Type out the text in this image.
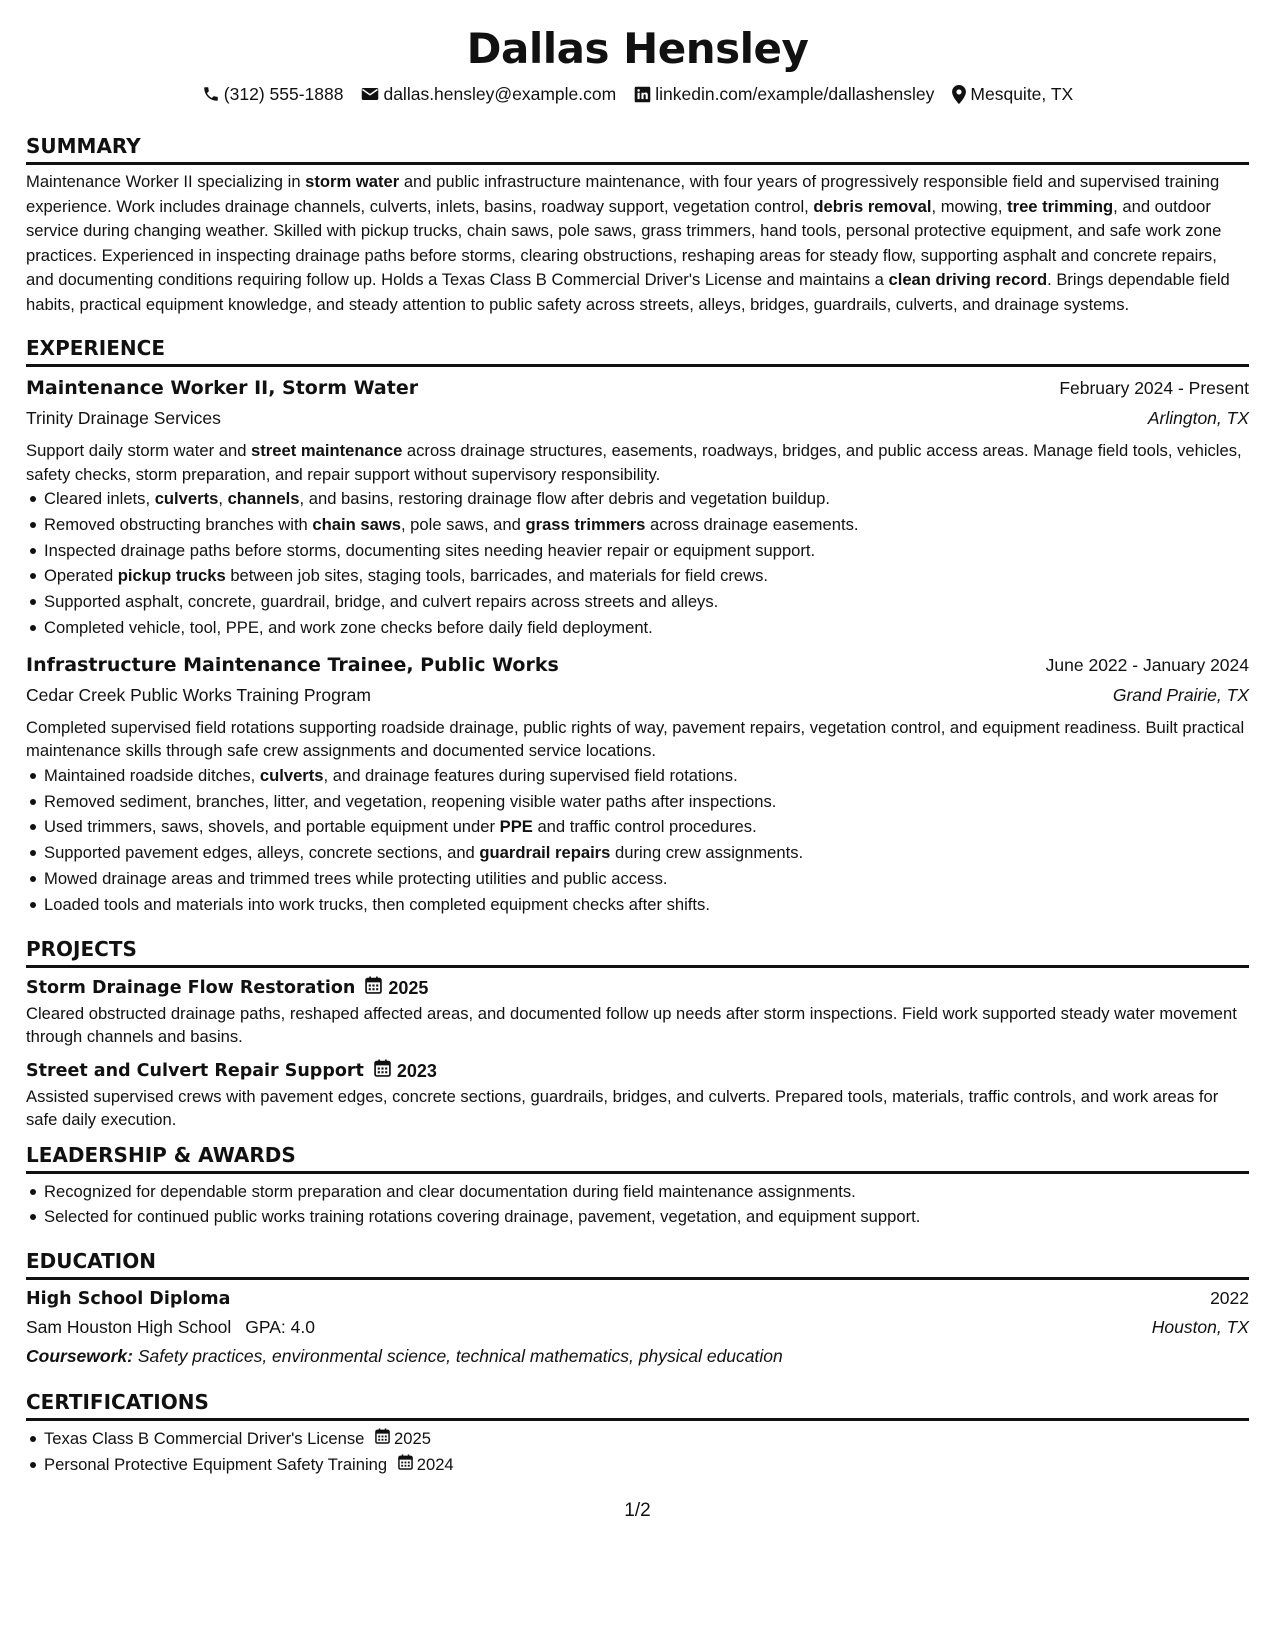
Dallas Hensley
(312) 555-1888 dallas.hensley@example.com linkedin.com/example/dallashensley Mesquite, TX
SUMMARY

Maintenance Worker II specializing in storm water and public infrastructure maintenance, with four years of progressively responsible field and supervised training experience. Work includes drainage channels, culverts, inlets, basins, roadway support, vegetation control, debris removal, mowing, tree trimming, and outdoor service during changing weather. Skilled with pickup trucks, chain saws, pole saws, grass trimmers, hand tools, personal protective equipment, and safe work zone practices. Experienced in inspecting drainage paths before storms, clearing obstructions, reshaping areas for steady flow, supporting asphalt and concrete repairs, and documenting conditions requiring follow up. Holds a Texas Class B Commercial Driver's License and maintains a clean driving record. Brings dependable field habits, practical equipment knowledge, and steady attention to public safety across streets, alleys, bridges, guardrails, culverts, and drainage systems.

EXPERIENCE
Maintenance Worker II, Storm Water	February 2024 - Present
Trinity Drainage Services	Arlington, TX

Support daily storm water and street maintenance across drainage structures, easements, roadways, bridges, and public access areas. Manage field tools, vehicles, safety checks, storm preparation, and repair support without supervisory responsibility.

Cleared inlets, culverts, channels, and basins, restoring drainage flow after debris and vegetation buildup.
Removed obstructing branches with chain saws, pole saws, and grass trimmers across drainage easements.
Inspected drainage paths before storms, documenting sites needing heavier repair or equipment support.
Operated pickup trucks between job sites, staging tools, barricades, and materials for field crews.
Supported asphalt, concrete, guardrail, bridge, and culvert repairs across streets and alleys.
Completed vehicle, tool, PPE, and work zone checks before daily field deployment.
Infrastructure Maintenance Trainee, Public Works	June 2022 - January 2024
Cedar Creek Public Works Training Program	Grand Prairie, TX

Completed supervised field rotations supporting roadside drainage, public rights of way, pavement repairs, vegetation control, and equipment readiness. Built practical maintenance skills through safe crew assignments and documented service locations.

Maintained roadside ditches, culverts, and drainage features during supervised field rotations.
Removed sediment, branches, litter, and vegetation, reopening visible water paths after inspections.
Used trimmers, saws, shovels, and portable equipment under PPE and traffic control procedures.
Supported pavement edges, alleys, concrete sections, and guardrail repairs during crew assignments.
Mowed drainage areas and trimmed trees while protecting utilities and public access.
Loaded tools and materials into work trucks, then completed equipment checks after shifts.
PROJECTS
Storm Drainage Flow Restoration 2025

Cleared obstructed drainage paths, reshaped affected areas, and documented follow up needs after storm inspections. Field work supported steady water movement through channels and basins.

Street and Culvert Repair Support 2023

Assisted supervised crews with pavement edges, concrete sections, guardrails, bridges, and culverts. Prepared tools, materials, traffic controls, and work areas for safe daily execution.

LEADERSHIP & AWARDS
Recognized for dependable storm preparation and clear documentation during field maintenance assignments.
Selected for continued public works training rotations covering drainage, pavement, vegetation, and equipment support.
EDUCATION
High School Diploma	2022
Sam Houston High School GPA: 4.0	Houston, TX
Coursework: Safety practices, environmental science, technical mathematics, physical education
CERTIFICATIONS
Texas Class B Commercial Driver's License 2025
Personal Protective Equipment Safety Training 2024
1/2
